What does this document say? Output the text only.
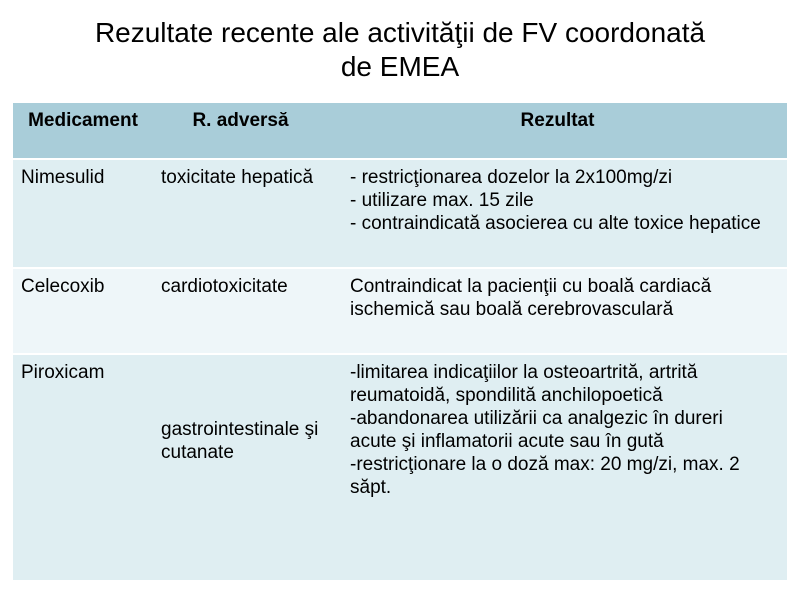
Rezultate recente ale activităţii de FV coordonată
de EMEA
Medicament	R. adversă	Rezultat
Nimesulid	toxicitate hepatică	- restricţionarea dozelor la 2x100mg/zi
- utilizare max. 15 zile
- contraindicată asocierea cu alte toxice hepatice

Celecoxib	cardiotoxicitate	Contraindicat la pacienţii cu boală cardiacă ischemică sau boală cerebrovasculară

Piroxicam	gastrointestinale şi cutanate	-limitarea indicaţiilor la osteoartrită, artrită reumatoidă, spondilită anchilopoetică
-abandonarea utilizării ca analgezic în dureri acute şi inflamatorii acute sau în gută
-restricţionare la o doză max: 20 mg/zi, max. 2 săpt.
